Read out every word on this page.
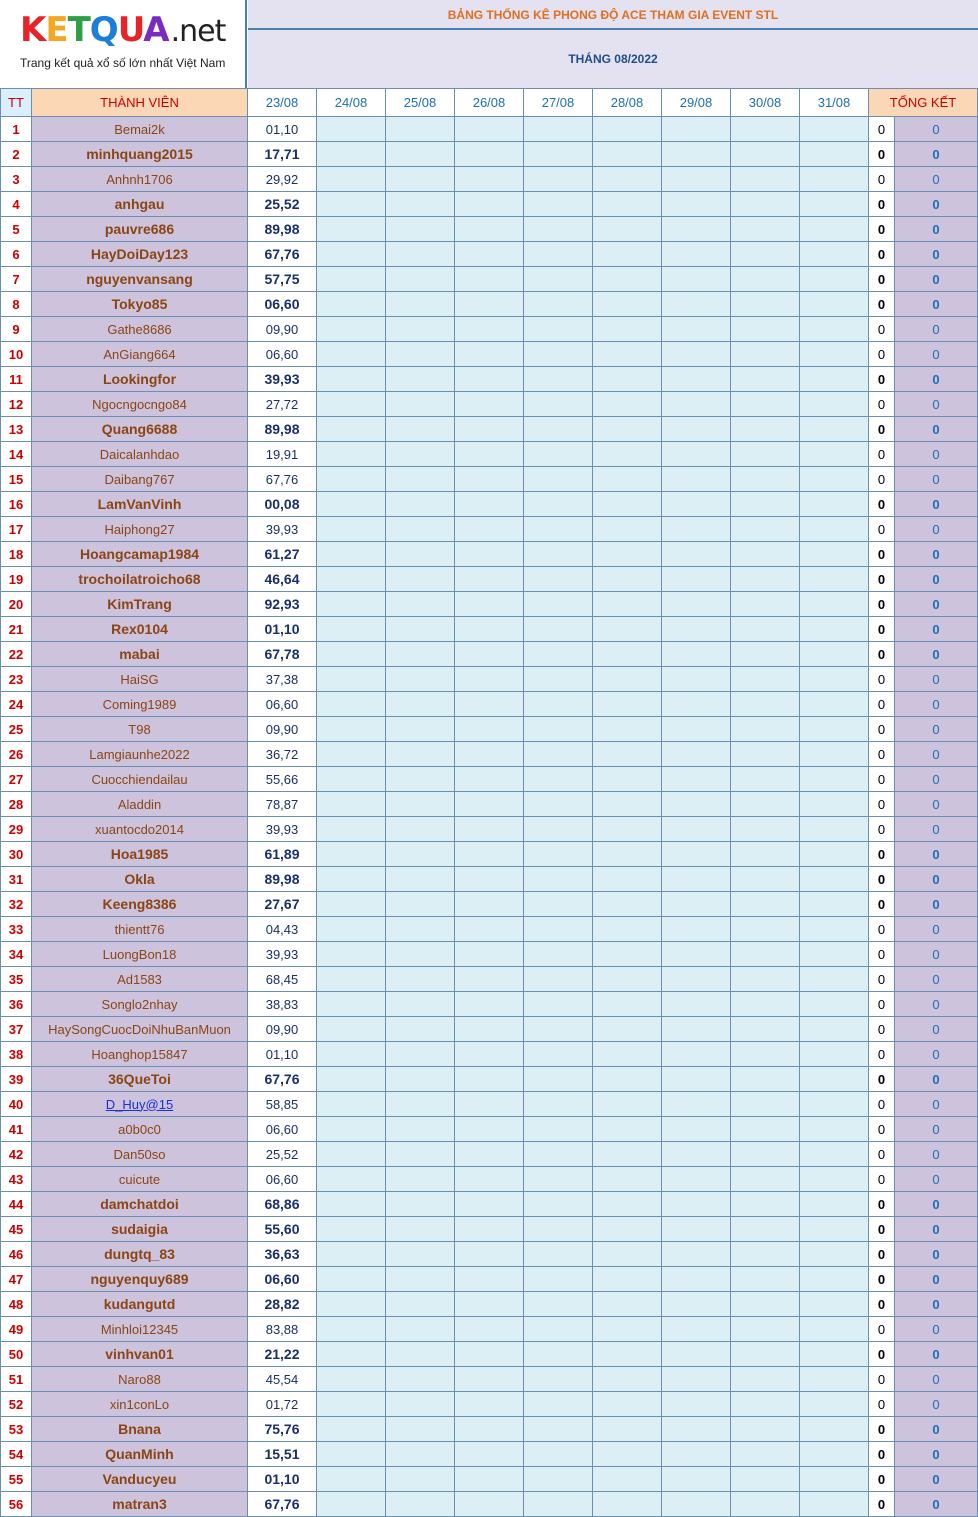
KETQUA.net
Trang kết quả xổ số lớn nhất Việt Nam
BẢNG THỐNG KÊ PHONG ĐỘ ACE THAM GIA EVENT STL
THÁNG 08/2022
TT	THÀNH VIÊN	23/08	24/08	25/08	26/08	27/08	28/08	29/08	30/08	31/08	TỔNG KẾT	
1	Bemai2k	01,10									0	0
2	minhquang2015	17,71									0	0
3	Anhnh1706	29,92									0	0
4	anhgau	25,52									0	0
5	pauvre686	89,98									0	0
6	HayDoiDay123	67,76									0	0
7	nguyenvansang	57,75									0	0
8	Tokyo85	06,60									0	0
9	Gathe8686	09,90									0	0
10	AnGiang664	06,60									0	0
11	Lookingfor	39,93									0	0
12	Ngocngocngo84	27,72									0	0
13	Quang6688	89,98									0	0
14	Daicalanhdao	19,91									0	0
15	Daibang767	67,76									0	0
16	LamVanVinh	00,08									0	0
17	Haiphong27	39,93									0	0
18	Hoangcamap1984	61,27									0	0
19	trochoilatroicho68	46,64									0	0
20	KimTrang	92,93									0	0
21	Rex0104	01,10									0	0
22	mabai	67,78									0	0
23	HaiSG	37,38									0	0
24	Coming1989	06,60									0	0
25	T98	09,90									0	0
26	Lamgiaunhe2022	36,72									0	0
27	Cuocchiendailau	55,66									0	0
28	Aladdin	78,87									0	0
29	xuantocdo2014	39,93									0	0
30	Hoa1985	61,89									0	0
31	Okla	89,98									0	0
32	Keeng8386	27,67									0	0
33	thientt76	04,43									0	0
34	LuongBon18	39,93									0	0
35	Ad1583	68,45									0	0
36	Songlo2nhay	38,83									0	0
37	HaySongCuocDoiNhuBanMuon	09,90									0	0
38	Hoanghop15847	01,10									0	0
39	36QueToi	67,76									0	0
40	D_Huy@15	58,85									0	0
41	a0b0c0	06,60									0	0
42	Dan50so	25,52									0	0
43	cuicute	06,60									0	0
44	damchatdoi	68,86									0	0
45	sudaigia	55,60									0	0
46	dungtq_83	36,63									0	0
47	nguyenquy689	06,60									0	0
48	kudangutd	28,82									0	0
49	Minhloi12345	83,88									0	0
50	vinhvan01	21,22									0	0
51	Naro88	45,54									0	0
52	xin1conLo	01,72									0	0
53	Bnana	75,76									0	0
54	QuanMinh	15,51									0	0
55	Vanducyeu	01,10									0	0
56	matran3	67,76									0	0
